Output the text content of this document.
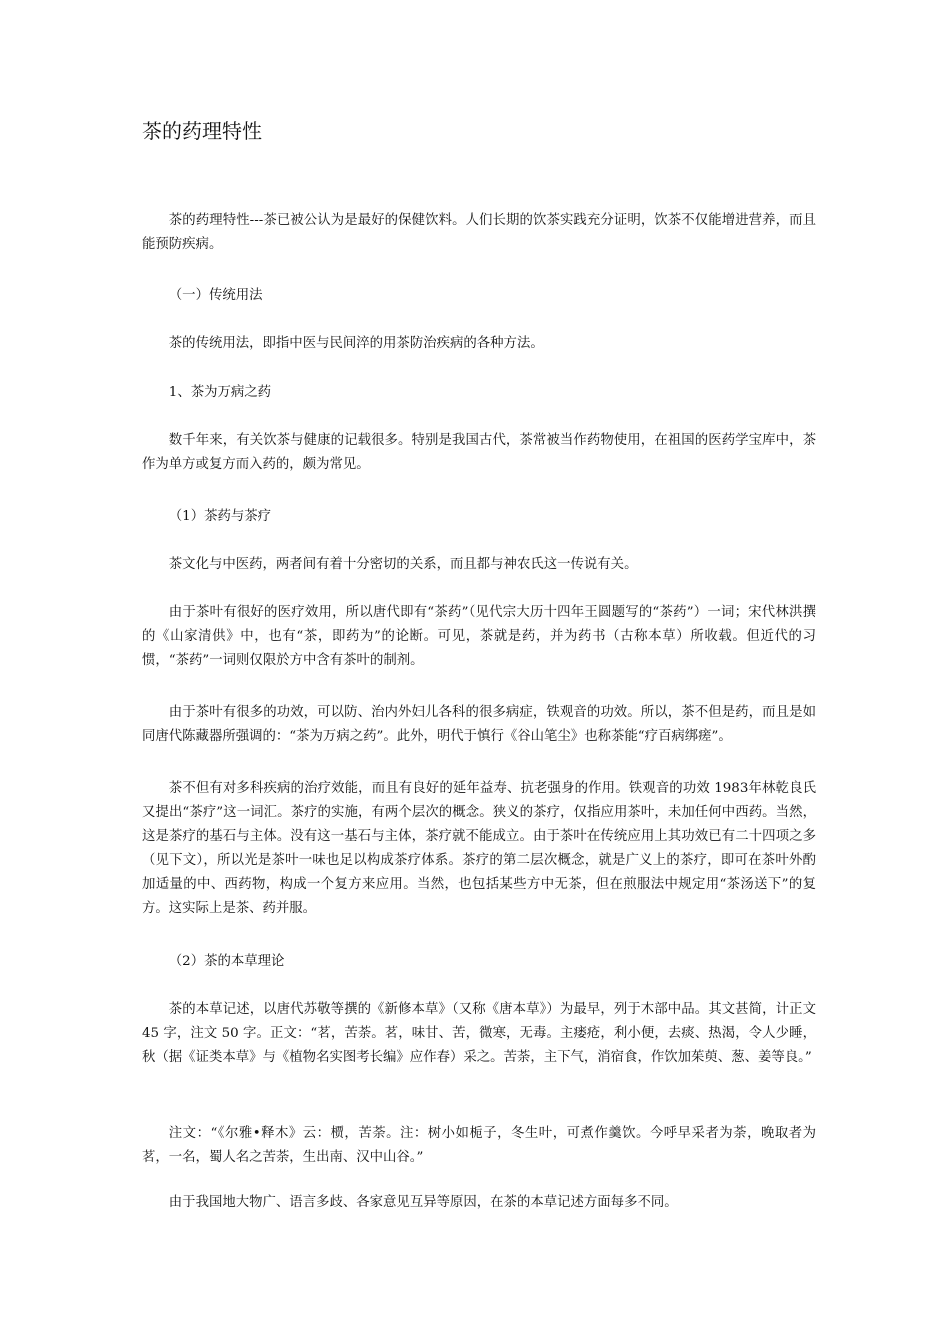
茶的药理特性

茶的药理特性---茶已被公认为是最好的保健饮料。人们长期的饮茶实践充分证明，饮茶不仅能增进营养，而且能预防疾病。

（一）传统用法

茶的传统用法，即指中医与民间淬的用茶防治疾病的各种方法。

1、茶为万病之药

数千年来，有关饮茶与健康的记载很多。特别是我国古代，茶常被当作药物使用，在祖国的医药学宝库中，茶作为单方或复方而入药的，颇为常见。

（1）茶药与茶疗

茶文化与中医药，两者间有着十分密切的关系，而且都与神农氏这一传说有关。

由于茶叶有很好的医疗效用，所以唐代即有“茶药”（见代宗大历十四年王圆题写的“茶药”）一词；宋代林洪撰的《山家清供》中，也有“茶，即药为”的论断。可见，茶就是药，并为药书（古称本草）所收载。但近代的习惯，“茶药”一词则仅限於方中含有茶叶的制剂。

由于茶叶有很多的功效，可以防、治内外妇儿各科的很多病症，铁观音的功效。所以，茶不但是药，而且是如同唐代陈藏器所强调的：“茶为万病之药”。此外，明代于慎行《谷山笔尘》也称茶能“疗百病绑瘥”。

茶不但有对多科疾病的治疗效能，而且有良好的延年益寿、抗老强身的作用。铁观音的功效 1983年林乾良氏又提出“茶疗”这一词汇。茶疗的实施，有两个层次的概念。狭义的茶疗，仅指应用茶叶，未加任何中西药。当然，这是茶疗的基石与主体。没有这一基石与主体，茶疗就不能成立。由于茶叶在传统应用上其功效已有二十四项之多（见下文），所以光是茶叶一味也足以构成茶疗体系。茶疗的第二层次概念，就是广义上的茶疗，即可在茶叶外酌加适量的中、西药物，构成一个复方来应用。当然，也包括某些方中无茶，但在煎服法中规定用“茶汤送下”的复方。这实际上是茶、药并服。

（2）茶的本草理论

茶的本草记述，以唐代苏敬等撰的《新修本草》（又称《唐本草》）为最早，列于木部中品。其文甚简，计正文 45 字，注文 50 字。正文：“茗，苦荼。茗，味甘、苦，微寒，无毒。主瘘疮，利小便，去痰、热渴，令人少睡，秋（据《证类本草》与《植物名实图考长编》应作春）采之。苦荼，主下气，消宿食，作饮加茱萸、葱、姜等良。”

注文：“《尔雅•释木》云：槚，苦荼。注：树小如栀子，冬生叶，可煮作羹饮。今呼早采者为荼，晚取者为茗，一名，蜀人名之苦荼，生出南、汉中山谷。”

由于我国地大物广、语言多歧、各家意见互异等原因，在茶的本草记述方面每多不同。
